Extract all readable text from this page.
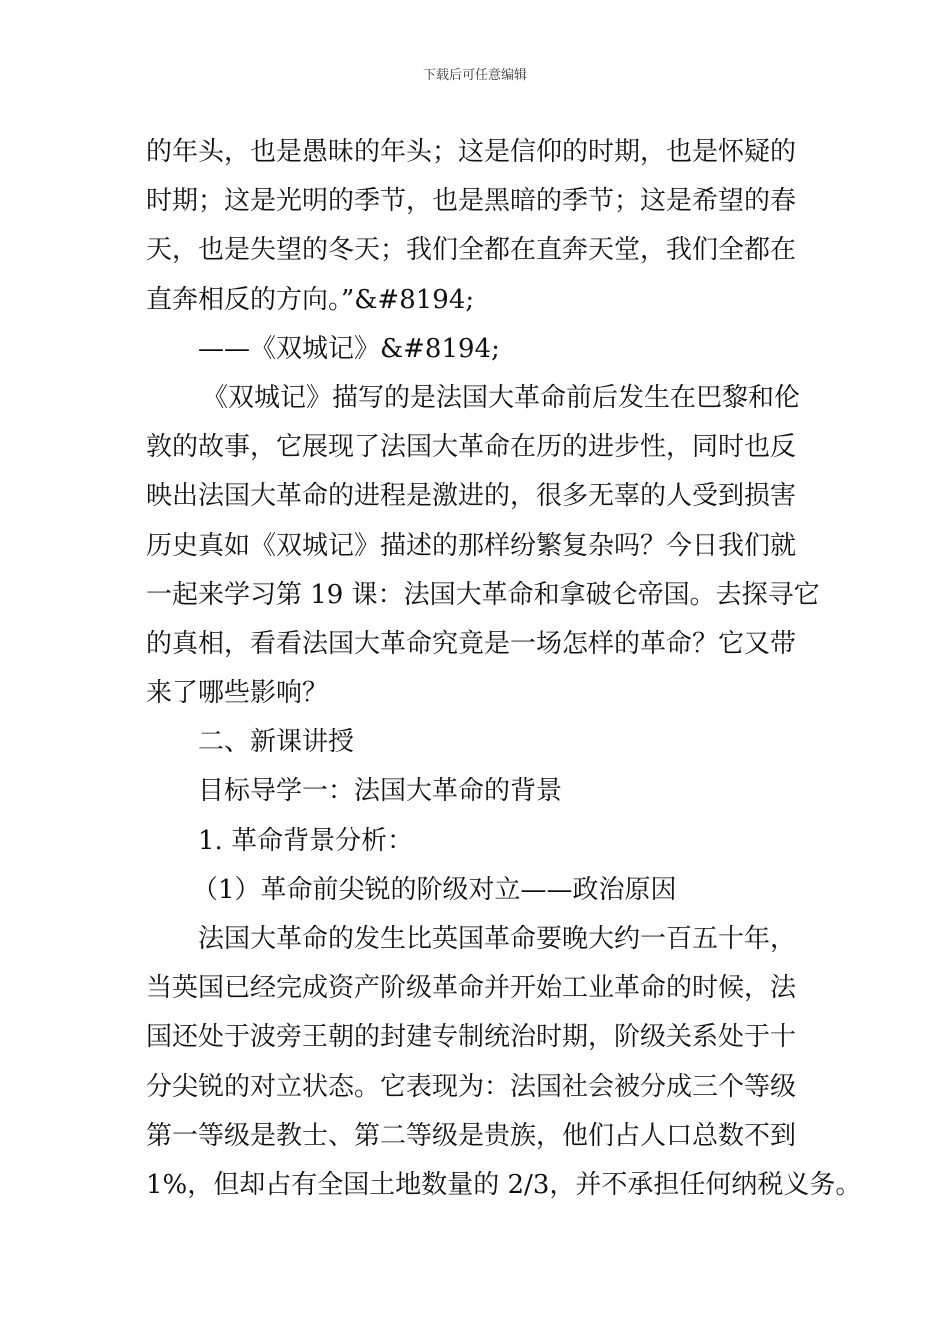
下载后可任意编辑
的年头，也是愚昧的年头；这是信仰的时期，也是怀疑的
时期；这是光明的季节，也是黑暗的季节；这是希望的春
天，也是失望的冬天；我们全都在直奔天堂，我们全都在
直奔相反的方向。”&#8194;
——《双城记》&#8194;
《双城记》描写的是法国大革命前后发生在巴黎和伦
敦的故事，它展现了法国大革命在历的进步性，同时也反
映出法国大革命的进程是激进的，很多无辜的人受到损害
历史真如《双城记》描述的那样纷繁复杂吗？今日我们就
一起来学习第 19 课：法国大革命和拿破仑帝国。去探寻它
的真相，看看法国大革命究竟是一场怎样的革命？它又带
来了哪些影响？
二、新课讲授
目标导学一：法国大革命的背景
1. 革命背景分析：
（1）革命前尖锐的阶级对立——政治原因
法国大革命的发生比英国革命要晚大约一百五十年，
当英国已经完成资产阶级革命并开始工业革命的时候，法
国还处于波旁王朝的封建专制统治时期，阶级关系处于十
分尖锐的对立状态。它表现为：法国社会被分成三个等级
第一等级是教士、第二等级是贵族，他们占人口总数不到
1%，但却占有全国土地数量的 2/3，并不承担任何纳税义务。
